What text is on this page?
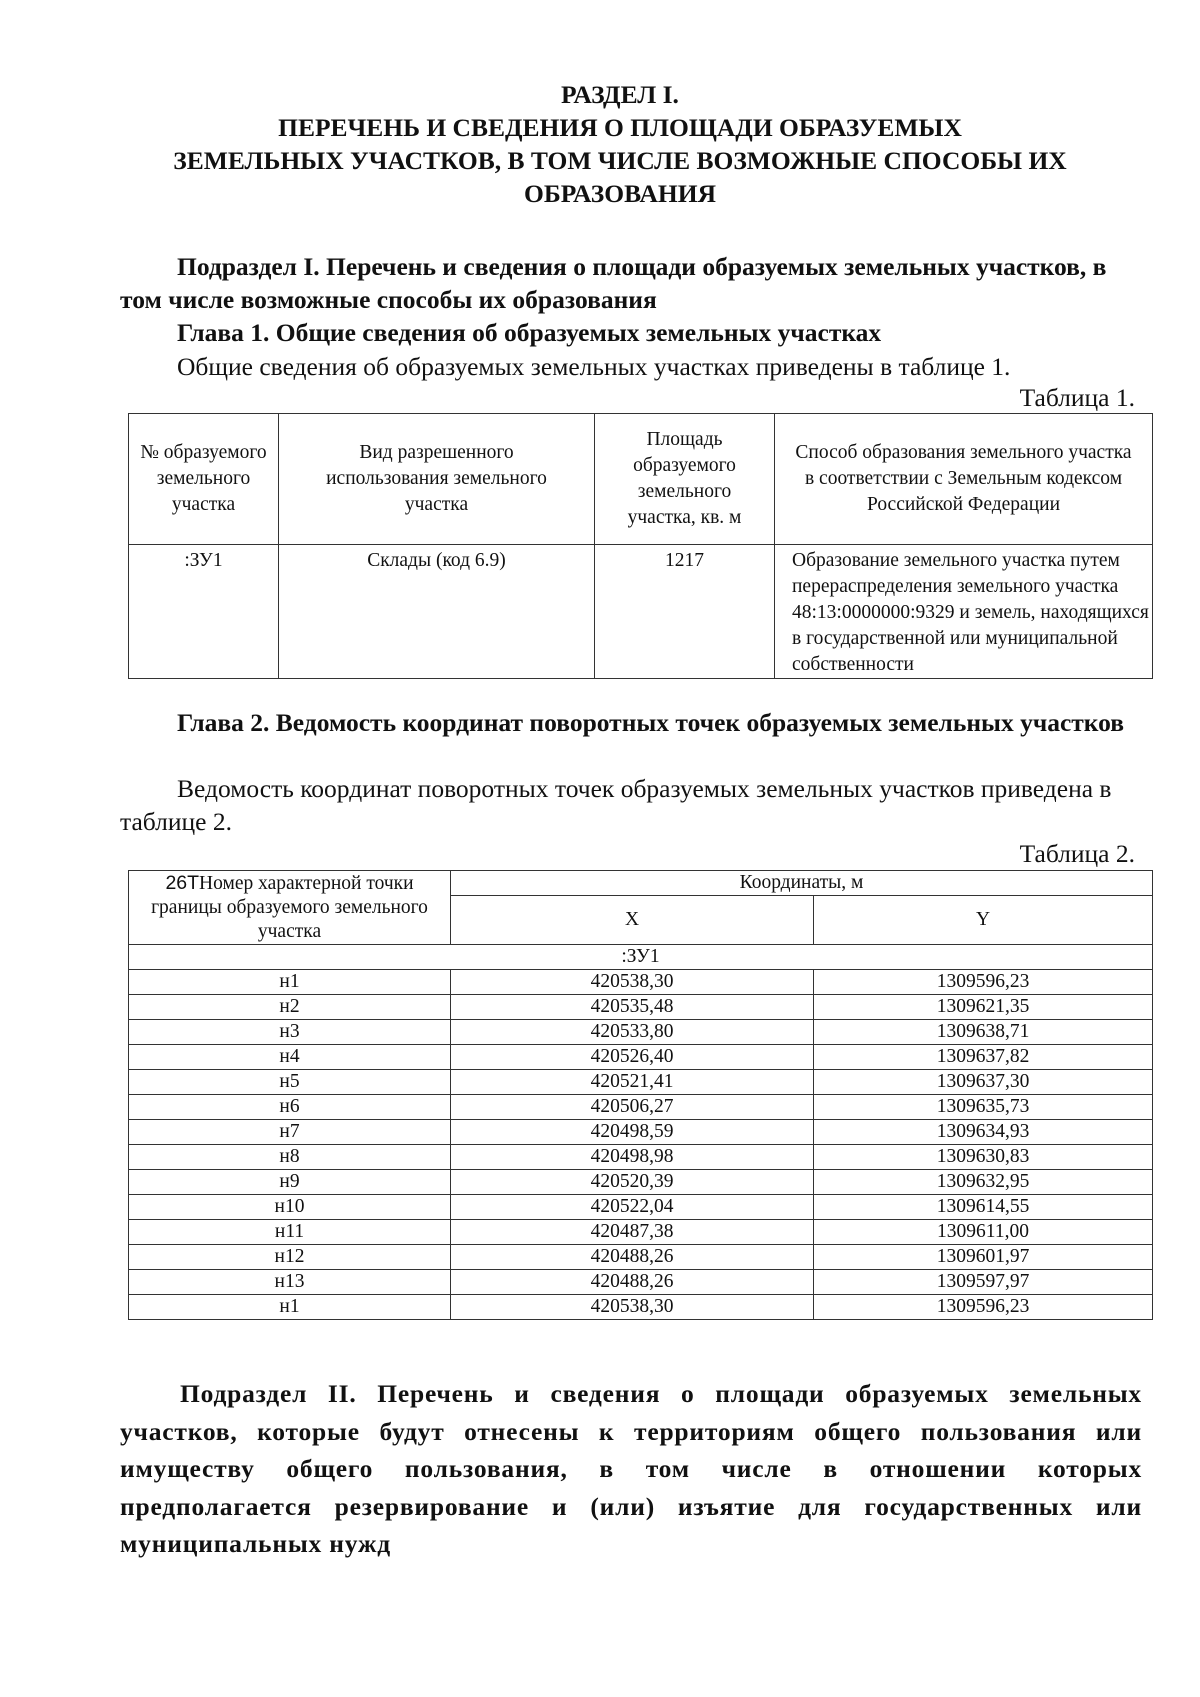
РАЗДЕЛ I.
ПЕРЕЧЕНЬ И СВЕДЕНИЯ О ПЛОЩАДИ ОБРАЗУЕМЫХ
ЗЕМЕЛЬНЫХ УЧАСТКОВ, В ТОМ ЧИСЛЕ ВОЗМОЖНЫЕ СПОСОБЫ ИХ
ОБРАЗОВАНИЯ
Подраздел I. Перечень и сведения о площади образуемых земельных участков, в том числе возможные способы их образования
Глава 1. Общие сведения об образуемых земельных участках
Общие сведения об образуемых земельных участках приведены в таблице 1.
Таблица 1.
№ образуемого земельного участка	Вид разрешенного использования земельного участка	Площадь образуемого земельного участка, кв. м	Способ образования земельного участка в соответствии с Земельным кодексом Российской Федерации
:ЗУ1	Склады (код 6.9)	1217	Образование земельного участка путем перераспределения земельного участка 48:13:0000000:9329 и земель, находящихся в государственной или муниципальной собственности
Глава 2. Ведомость координат поворотных точек образуемых земельных участков
Ведомость координат поворотных точек образуемых земельных участков приведена в таблице 2.
Таблица 2.
26TНомер характерной точки границы образуемого земельного участка	Координаты, м	
	X	Y
:ЗУ1		
н1	420538,30	1309596,23
н2	420535,48	1309621,35
н3	420533,80	1309638,71
н4	420526,40	1309637,82
н5	420521,41	1309637,30
н6	420506,27	1309635,73
н7	420498,59	1309634,93
н8	420498,98	1309630,83
н9	420520,39	1309632,95
н10	420522,04	1309614,55
н11	420487,38	1309611,00
н12	420488,26	1309601,97
н13	420488,26	1309597,97
н1	420538,30	1309596,23
Подраздел II. Перечень и сведения о площади образуемых земельных
участков, которые будут отнесены к территориям общего пользования или
имуществу общего пользования, в том числе в отношении которых
предполагается резервирование и (или) изъятие для государственных или
муниципальных нужд
